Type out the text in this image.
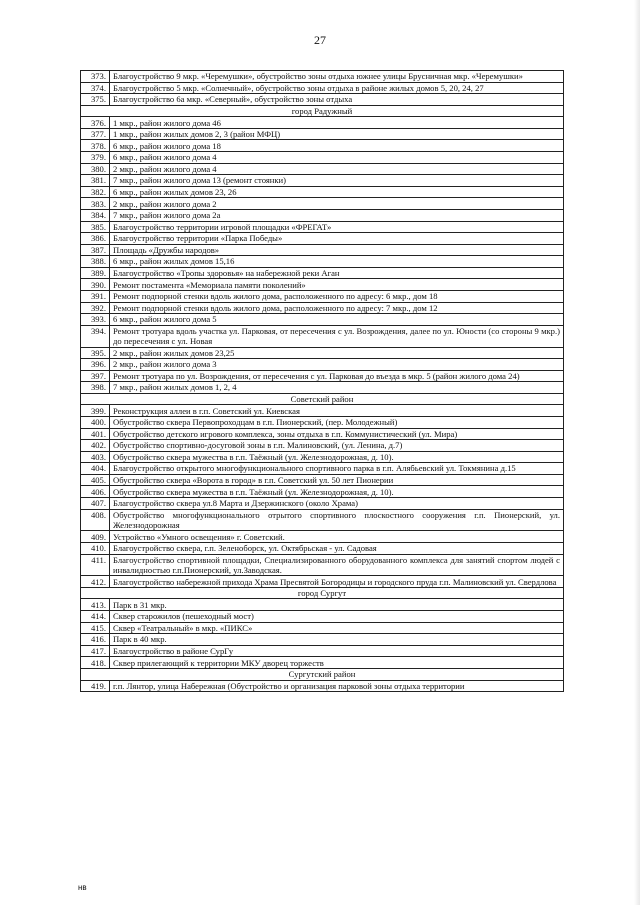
27
373.	Благоустройство 9 мкр. «Черемушки», обустройство зоны отдыха южнее улицы Брусничная мкр. «Черемушки»
374.	Благоустройство 5 мкр. «Солнечный», обустройство зоны отдыха в районе жилых домов 5, 20, 24, 27
375.	Благоустройство 6а мкр. «Северный», обустройство зоны отдыха
город Радужный	
376.	1 мкр., район жилого дома 46
377.	1 мкр., район жилых домов 2, 3 (район МФЦ)
378.	6 мкр., район жилого дома 18
379.	6 мкр., район жилого дома 4
380.	2 мкр., район жилого дома 4
381.	7 мкр., район жилого дома 13 (ремонт стоянки)
382.	6 мкр., район жилых домов 23, 26
383.	2 мкр., район жилого дома 2
384.	7 мкр., район жилого дома 2а
385.	Благоустройство территории игровой площадки «ФРЕГАТ»
386.	Благоустройство территории «Парка Победы»
387.	Площадь «Дружбы народов»
388.	6 мкр., район жилых домов 15,16
389.	Благоустройство «Тропы здоровья» на набережной реки Аган
390.	Ремонт постамента «Мемориала памяти поколений»
391.	Ремонт подпорной стенки вдоль жилого дома, расположенного по адресу: 6 мкр., дом 18
392.	Ремонт подпорной стенки вдоль жилого дома, расположенного по адресу: 7 мкр., дом 12
393.	6 мкр., район жилого дома 5
394.	Ремонт тротуара вдоль участка ул. Парковая, от пересечения с ул. Возрождения, далее по ул. Юности (со стороны 9 мкр.) до пересечения с ул. Новая
395.	2 мкр., район жилых домов 23,25
396.	2 мкр., район жилого дома 3
397.	Ремонт тротуара по ул. Возрождения, от пересечения с ул. Парковая до въезда в мкр. 5 (район жилого дома 24)
398.	7 мкр., район жилых домов 1, 2, 4
Советский район	
399.	Реконструкция аллеи в г.п. Советский ул. Киевская
400.	Обустройство сквера Первопроходцам в г.п. Пионерский, (пер. Молодежный)
401.	Обустройство детского игрового комплекса, зоны отдыха в г.п. Коммунистический (ул. Мира)
402.	Обустройство спортивно-досуговой зоны в г.п. Малиновский, (ул. Ленина, д.7)
403.	Обустройство сквера мужества в г.п. Таёжный (ул. Железнодорожная, д. 10).
404.	Благоустройство открытого многофункционального спортивного парка в г.п. Алябьевский ул. Токмянина д.15
405.	Обустройство сквера «Ворота в город» в г.п. Советский ул. 50 лет Пионерии
406.	Обустройство сквера мужества в г.п. Таёжный (ул. Железнодорожная, д. 10).
407.	Благоустройство сквера ул.8 Марта и Дзержинского (около Храма)
408.	Обустройство многофункционального отрытого спортивного плоскостного сооружения г.п. Пионерский, ул. Железнодорожная
409.	Устройство «Умного освещения» г. Советский.
410.	Благоустройство сквера, г.п. Зеленоборск, ул. Октябрьская - ул. Садовая
411.	Благоустройство спортивной площадки, Специализированного оборудованного комплекса для занятий спортом людей с инвалидностью г.п.Пионерский, ул.Заводская.
412.	Благоустройство набережной прихода Храма Пресвятой Богородицы и городского пруда г.п. Малиновский ул. Свердлова
город Сургут	
413.	Парк в 31 мкр.
414.	Сквер старожилов (пешеходный мост)
415.	Сквер «Театральный» в мкр. «ПИКС»
416.	Парк в 40 мкр.
417.	Благоустройство в районе СурГу
418.	Сквер прилегающий к территории МКУ дворец торжеств
Сургутский район	
419.	г.п. Лянтор, улица Набережная (Обустройство и организация парковой зоны отдыха территории
нв
